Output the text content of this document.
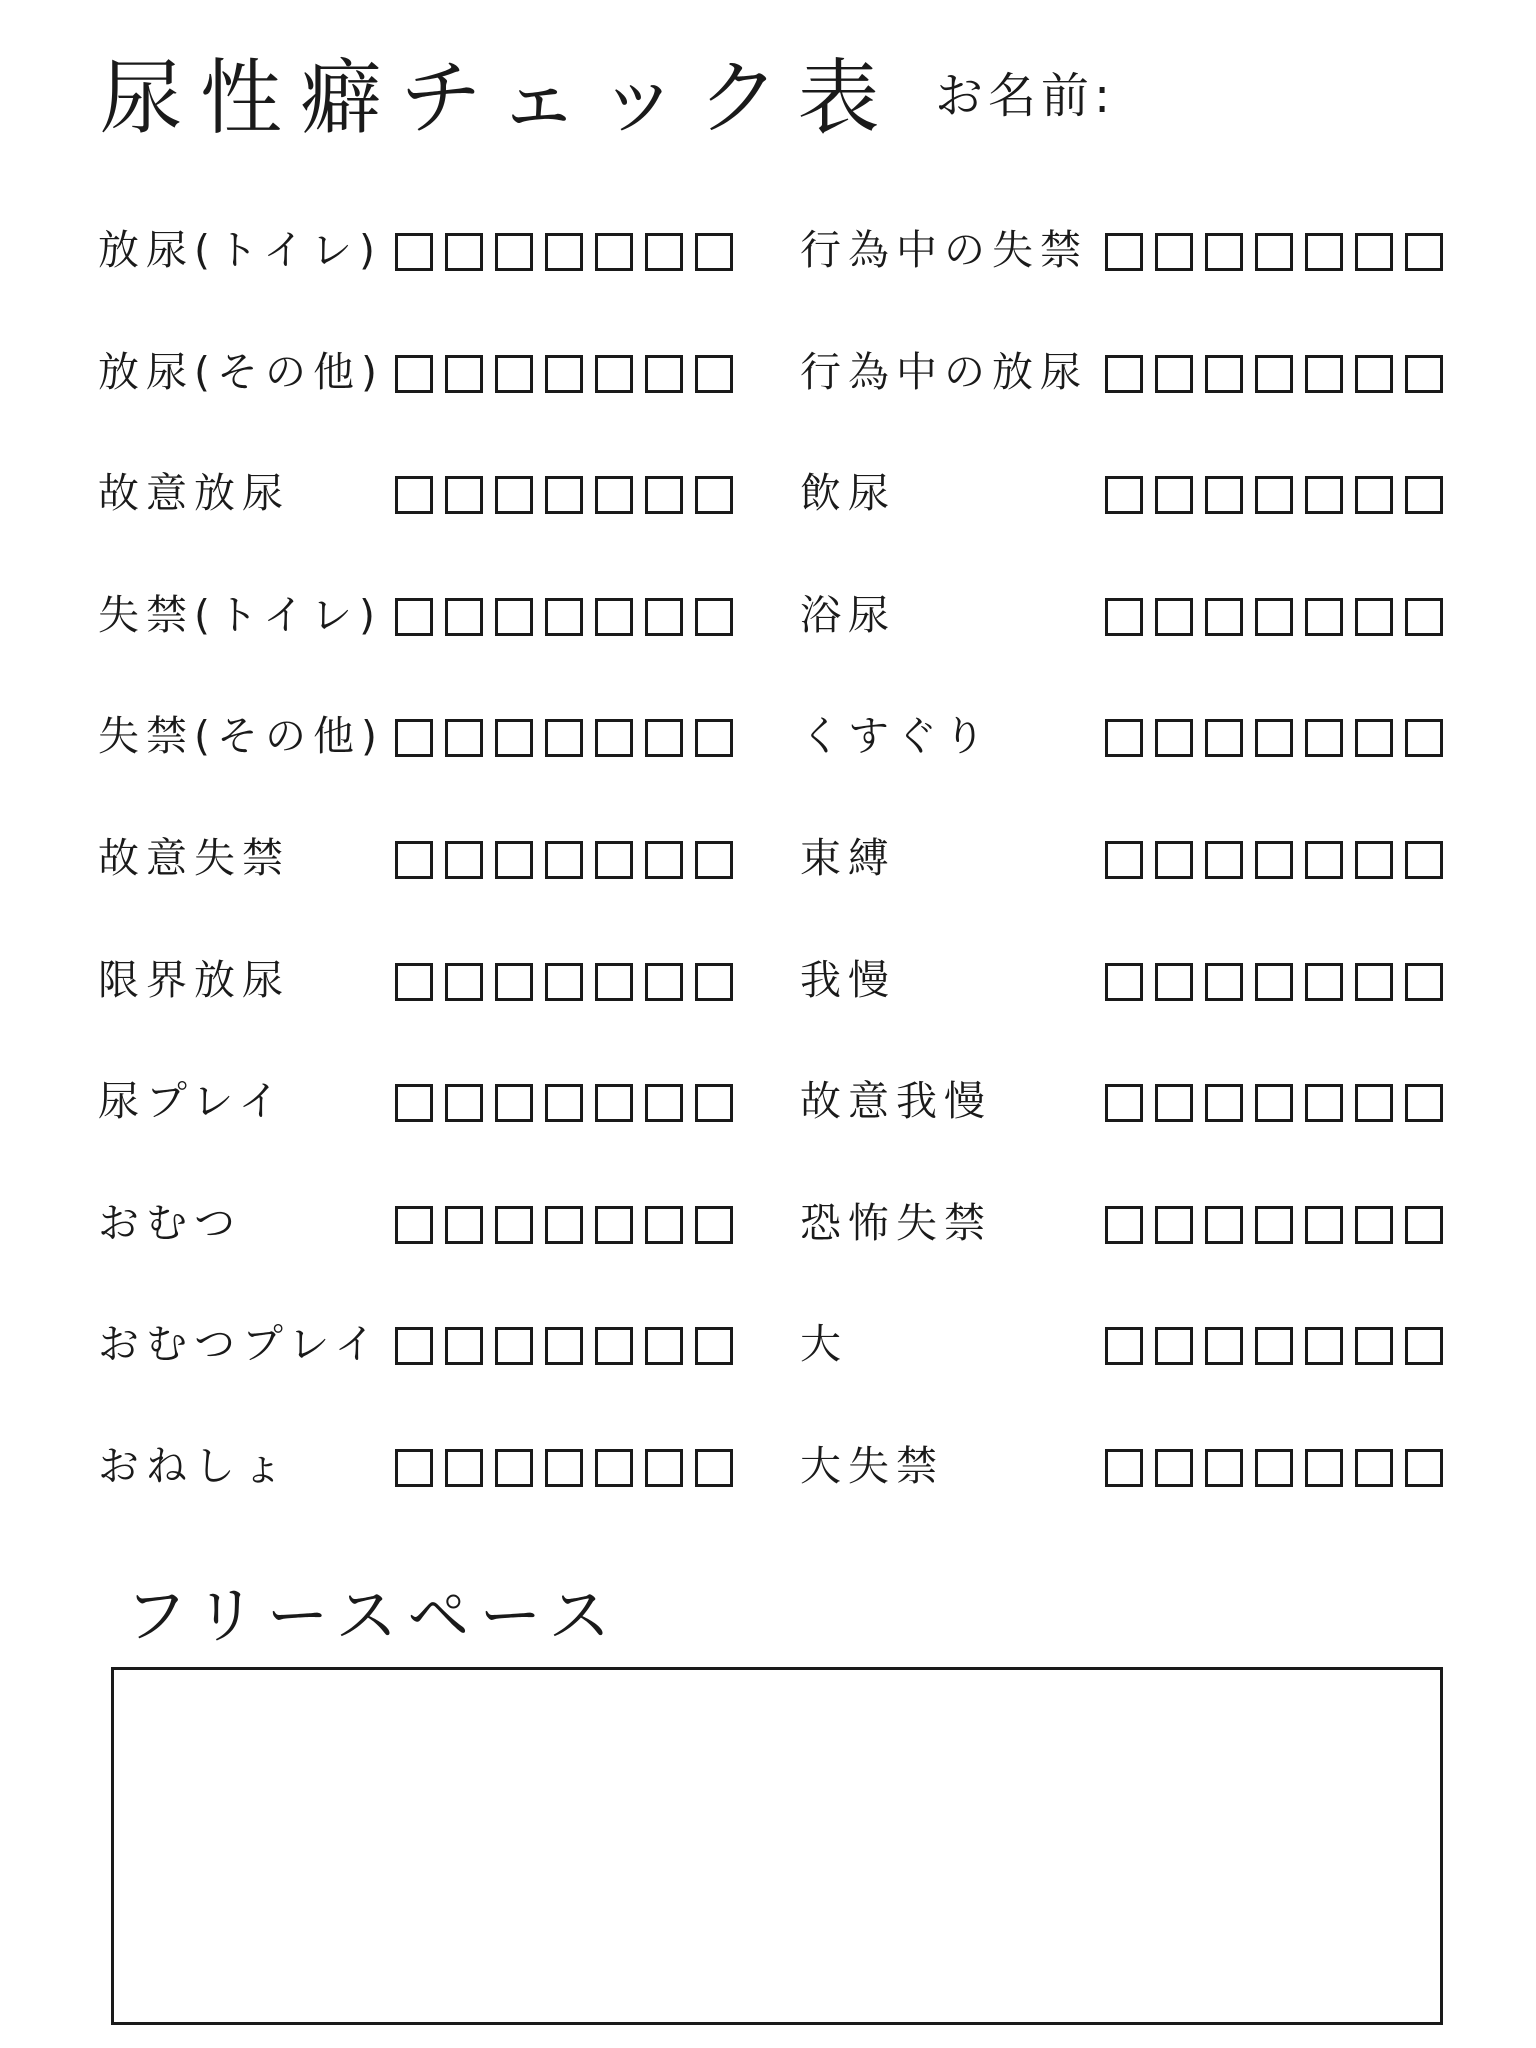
尿性癖チェック表 お名前:
放尿(トイレ)
放尿(その他)
故意放尿
失禁(トイレ)
失禁(その他)
故意失禁
限界放尿
尿プレイ
おむつ
おむつプレイ
おねしょ
行為中の失禁
行為中の放尿
飲尿
浴尿
くすぐり
束縛
我慢
故意我慢
恐怖失禁
大
大失禁
フリースペース
